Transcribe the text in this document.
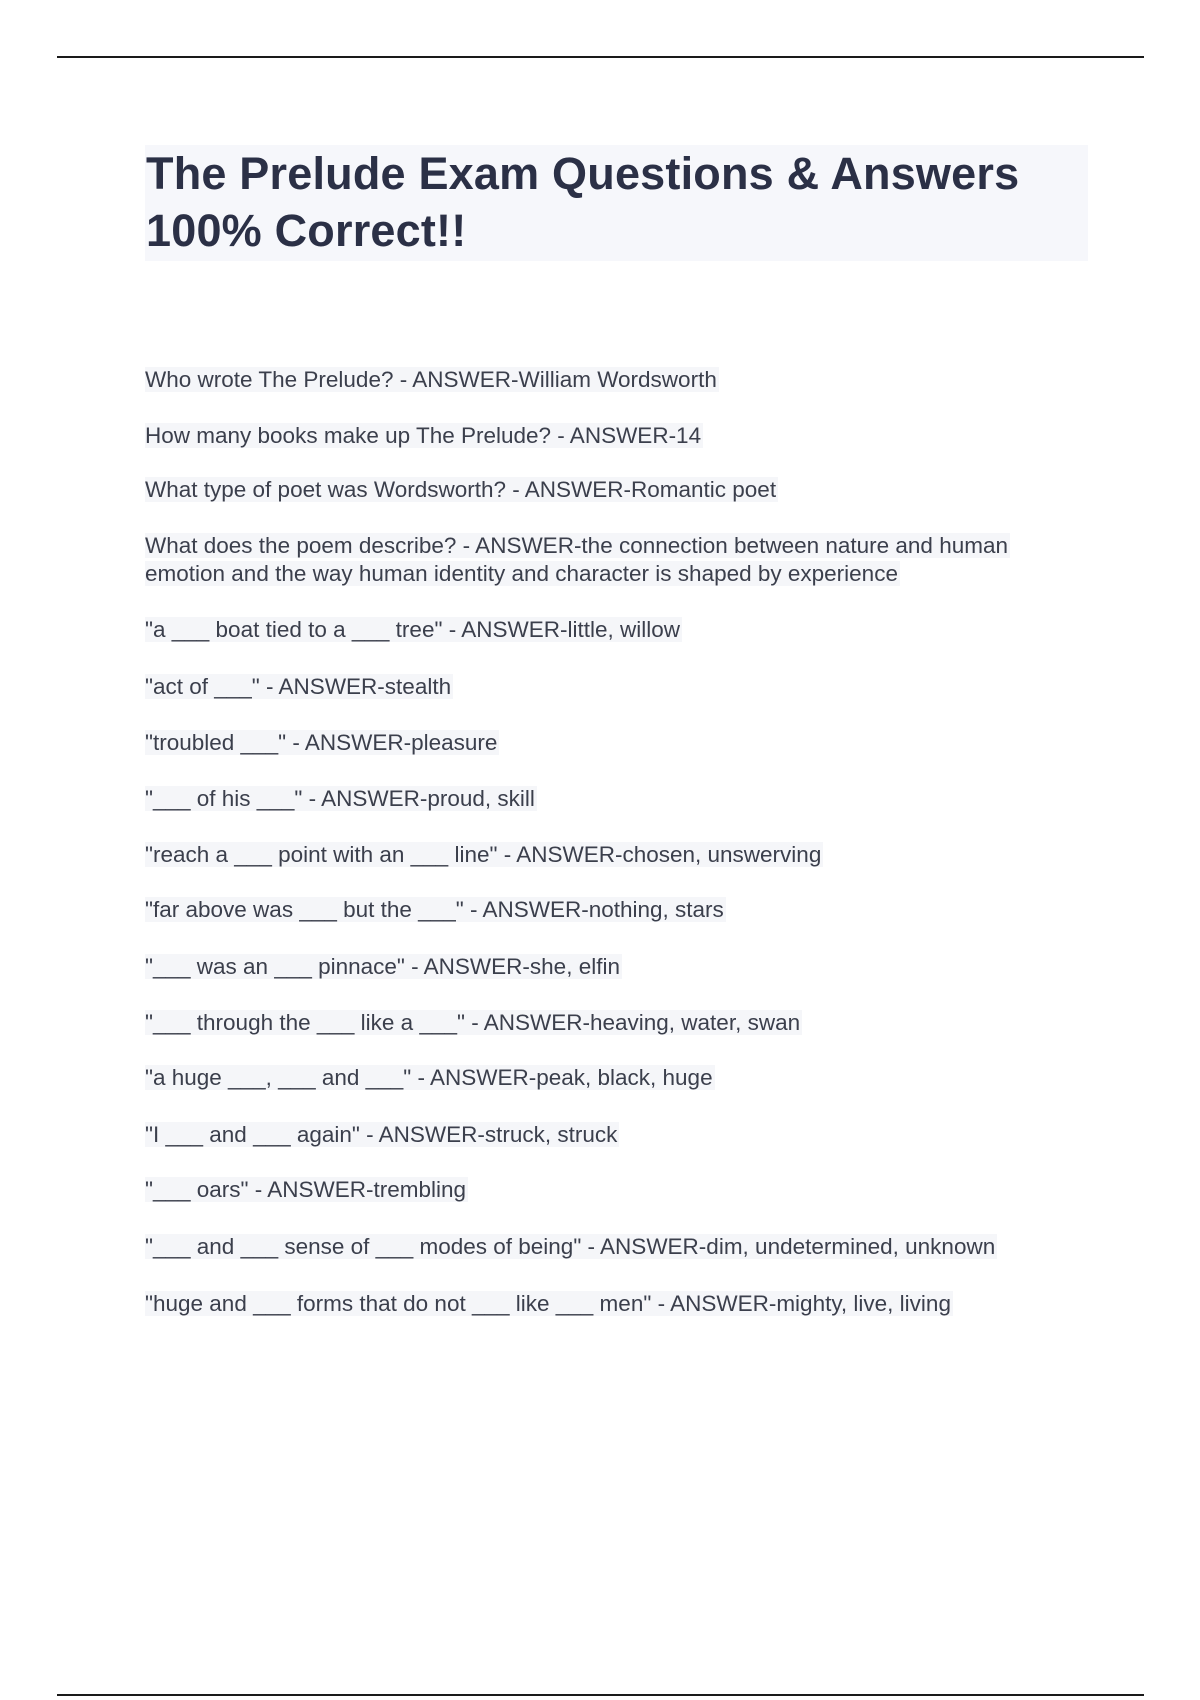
The Prelude Exam Questions & Answers
100% Correct!!
Who wrote The Prelude? - ANSWER-William Wordsworth
How many books make up The Prelude? - ANSWER-14
What type of poet was Wordsworth? - ANSWER-Romantic poet
What does the poem describe? - ANSWER-the connection between nature and human emotion and the way human identity and character is shaped by experience
"a ___ boat tied to a ___ tree" - ANSWER-little, willow
"act of ___" - ANSWER-stealth
"troubled ___" - ANSWER-pleasure
"___ of his ___" - ANSWER-proud, skill
"reach a ___ point with an ___ line" - ANSWER-chosen, unswerving
"far above was ___ but the ___" - ANSWER-nothing, stars
"___ was an ___ pinnace" - ANSWER-she, elfin
"___ through the ___ like a ___" - ANSWER-heaving, water, swan
"a huge ___, ___ and ___" - ANSWER-peak, black, huge
"I ___ and ___ again" - ANSWER-struck, struck
"___ oars" - ANSWER-trembling
"___ and ___ sense of ___ modes of being" - ANSWER-dim, undetermined, unknown
"huge and ___ forms that do not ___ like ___ men" - ANSWER-mighty, live, living
